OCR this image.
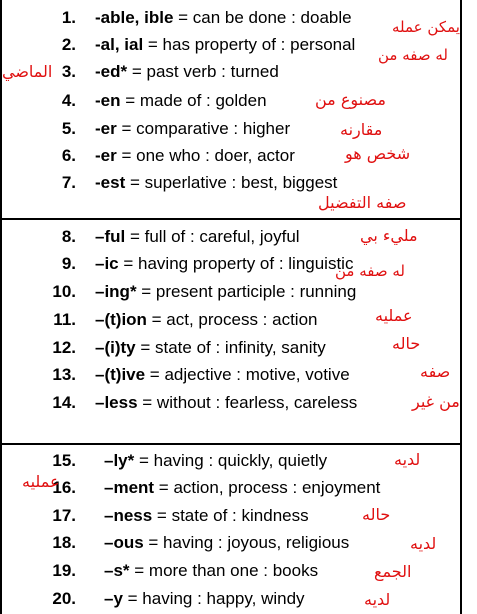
1. -able, ible = can be done : doable
2. -al, ial = has property of : personal
3. -ed* = past verb : turned
4. -en = made of : golden
5. -er = comparative : higher
6. -er = one who : doer, actor
7. -est = superlative : best, biggest
8. –ful = full of : careful, joyful
9. –ic = having property of : linguistic
10. –ing* = present participle : running
11. –(t)ion = act, process : action
12. –(i)ty = state of : infinity, sanity
13. –(t)ive = adjective : motive, votive
14. –less = without : fearless, careless
15. –ly* = having : quickly, quietly
16. –ment = action, process : enjoyment
17. –ness = state of : kindness
18. –ous = having : joyous, religious
19. –s* = more than one : books
20. –y = having : happy, windy
يمكن عمله
له صفه من
الماضي
مصنوع من
مقارنه
شخص هو
صفه التفضيل
مليء بي
له صفه من
عمليه
حاله
صفه
من غير
لديه
عمليه
حاله
لديه
الجمع
لديه
